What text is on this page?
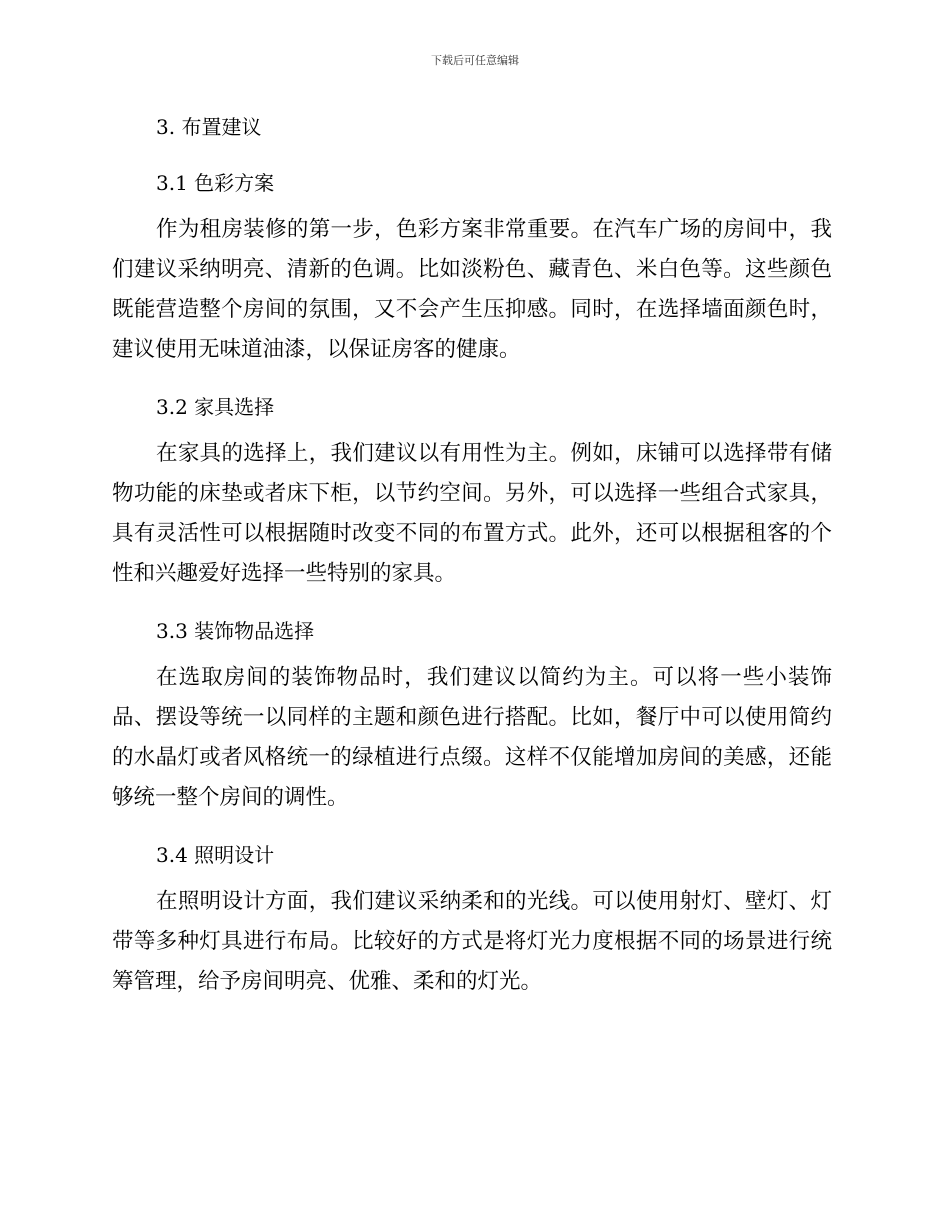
下载后可任意编辑
3. 布置建议
3.1 色彩方案

作为租房装修的第一步，色彩方案非常重要。在汽车广场的房间中，我们建议采纳明亮、清新的色调。比如淡粉色、藏青色、米白色等。这些颜色既能营造整个房间的氛围，又不会产生压抑感。同时，在选择墙面颜色时，建议使用无味道油漆，以保证房客的健康。

3.2 家具选择

在家具的选择上，我们建议以有用性为主。例如，床铺可以选择带有储物功能的床垫或者床下柜，以节约空间。另外，可以选择一些组合式家具，具有灵活性可以根据随时改变不同的布置方式。此外，还可以根据租客的个性和兴趣爱好选择一些特别的家具。

3.3 装饰物品选择

在选取房间的装饰物品时，我们建议以简约为主。可以将一些小装饰品、摆设等统一以同样的主题和颜色进行搭配。比如，餐厅中可以使用简约的水晶灯或者风格统一的绿植进行点缀。这样不仅能增加房间的美感，还能够统一整个房间的调性。

3.4 照明设计

在照明设计方面，我们建议采纳柔和的光线。可以使用射灯、壁灯、灯带等多种灯具进行布局。比较好的方式是将灯光力度根据不同的场景进行统筹管理，给予房间明亮、优雅、柔和的灯光。
